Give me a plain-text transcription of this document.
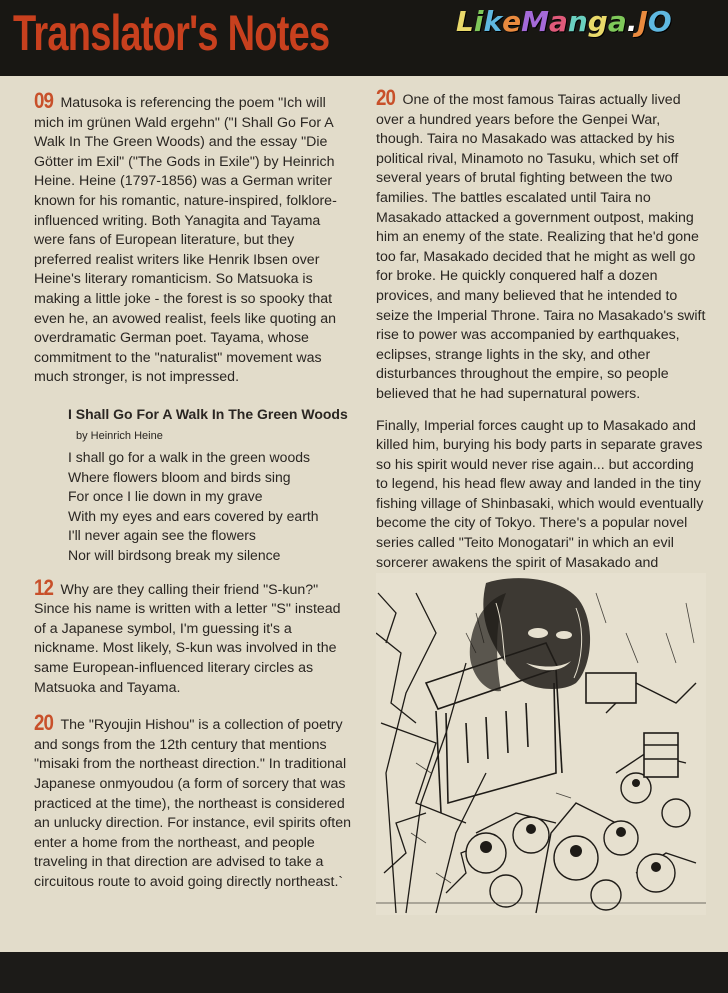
Translator's Notes	LikeManga.JO
09 Matusoka is referencing the poem "Ich will mich im grünen Wald ergehn" ("I Shall Go For A Walk In The Green Woods) and the essay "Die Götter im Exil" ("The Gods in Exile") by Heinrich Heine. Heine (1797-1856) was a German writer known for his romantic, nature-inspired, folklore-influenced writing. Both Yanagita and Tayama were fans of European literature, but they preferred realist writers like Henrik Ibsen over Heine's literary romanticism. So Matsuoka is making a little joke - the forest is so spooky that even he, an avowed realist, feels like quoting an overdramatic German poet. Tayama, whose commitment to the "naturalist" movement was much stronger, is not impressed.
I Shall Go For A Walk In The Green Woods
by Heinrich Heine
I shall go for a walk in the green woods
Where flowers bloom and birds sing
For once I lie down in my grave
With my eyes and ears covered by earth
I'll never again see the flowers
Nor will birdsong break my silence
12 Why are they calling their friend "S-kun?" Since his name is written with a letter "S" instead of a Japanese symbol, I'm guessing it's a nickname. Most likely, S-kun was involved in the same European-influenced literary circles as Matsuoka and Tayama.
20 The "Ryoujin Hishou" is a collection of poetry and songs from the 12th century that mentions "misaki from the northeast direction." In traditional Japanese onmyoudou (a form of sorcery that was practiced at the time), the northeast is considered an unlucky direction. For instance, evil spirits often enter a home from the northeast, and people traveling in that direction are advised to take a circuitous route to avoid going directly northeast.`
20 One of the most famous Tairas actually lived over a hundred years before the Genpei War, though. Taira no Masakado was attacked by his political rival, Minamoto no Tasuku, which set off several years of brutal fighting between the two families. The battles escalated until Taira no Masakado attacked a government outpost, making him an enemy of the state. Realizing that he'd gone too far, Masakado decided that he might as well go for broke. He quickly conquered half a dozen provices, and many believed that he intended to seize the Imperial Throne. Taira no Masakado's swift rise to power was accompanied by earthquakes, eclipses, strange lights in the sky, and other disturbances throughout the empire, so people believed that he had supernatural powers.
Finally, Imperial forces caught up to Masakado and killed him, burying his body parts in separate graves so his spirit would never rise again... but according to legend, his head flew away and landed in the tiny fishing village of Shinbasaki, which would eventually become the city of Tokyo. There's a popular novel series called "Teito Monogatari" in which an evil sorcerer awakens the spirit of Masakado and
